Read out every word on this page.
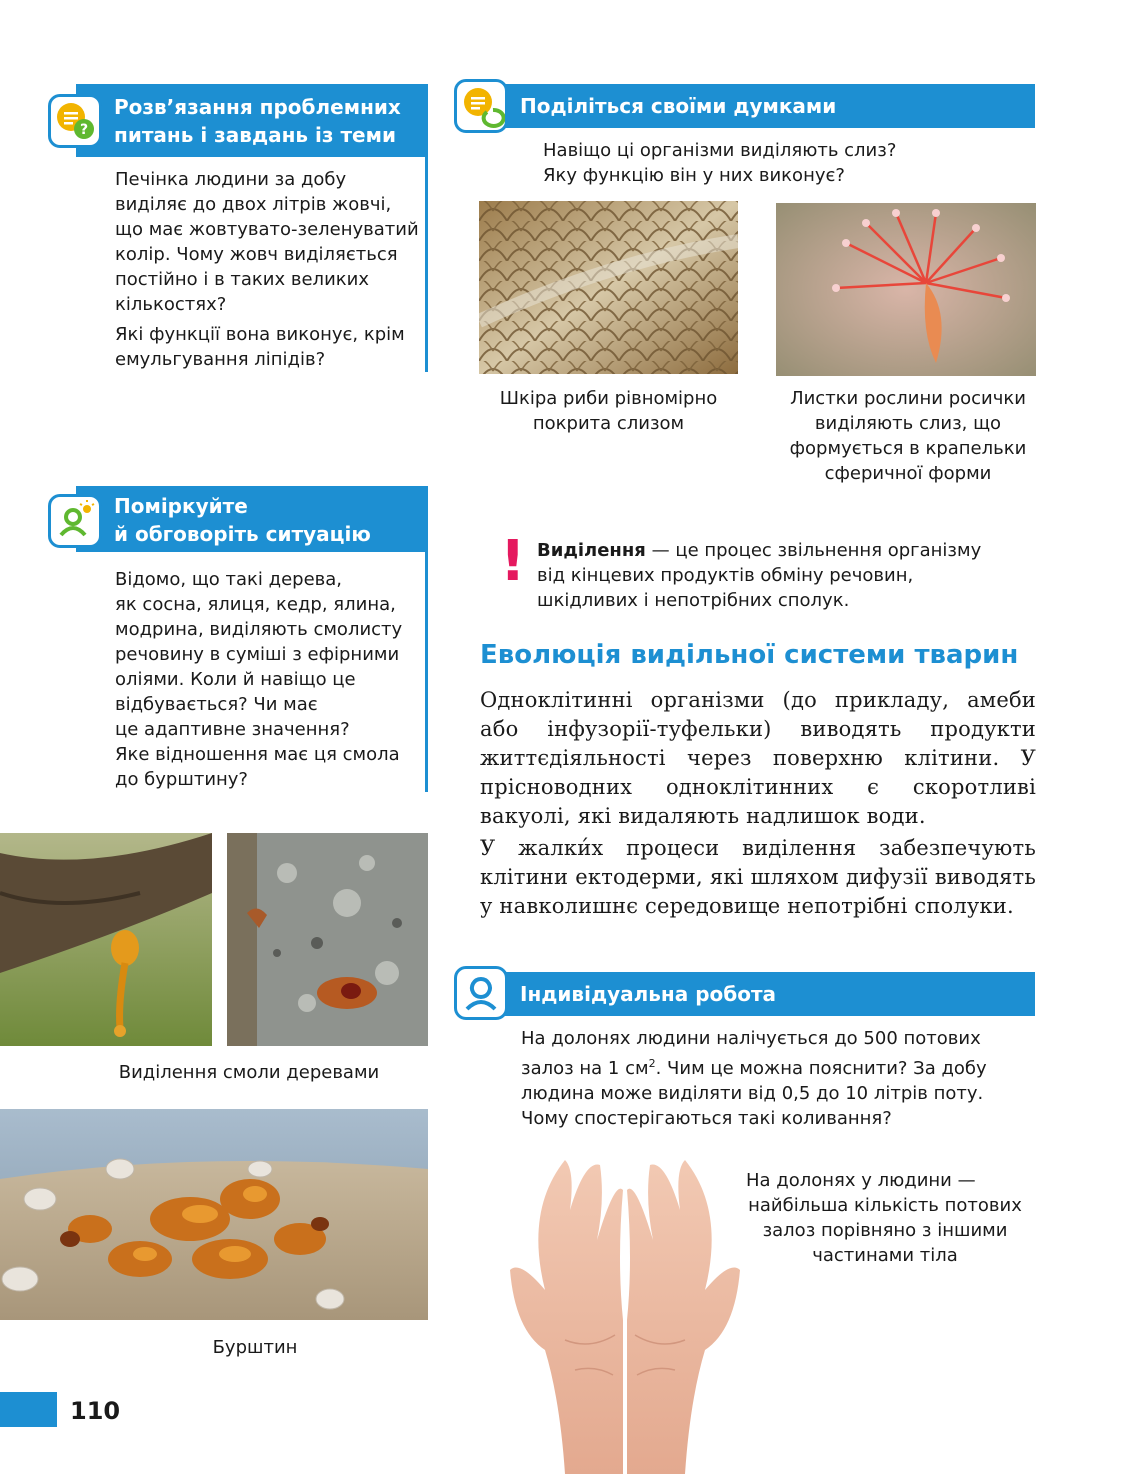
Розв’язання проблемних
питань і завдань із теми
?
Печінка людини за добу
виділяє до двох літрів жовчі,
що має жовтувато-зеленуватий
колір. Чому жовч виділяється
постійно і в таких великих
кількостях?
Які функції вона виконує, крім
емульгування ліпідів?
Поділіться своїми думками
Навіщо ці організми виділяють слиз?
Яку функцію він у них виконує?
Шкіра риби рівномірно
покрита слизом
Листки рослини росички
виділяють слиз, що
формується в крапельки
сферичної форми
Поміркуйте
й обговоріть ситуацію
Відомо, що такі дерева,
як сосна, ялиця, кедр, ялина,
модрина, виділяють смолисту
речовину в суміші з ефірними
оліями. Коли й навіщо це
відбувається? Чи має
це адаптивне значення?
Яке відношення має ця смола
до бурштину?
Виділення смоли деревами
Бурштин
110
! Виділення — це процес звільнення організму
від кінцевих продуктів обміну речовин,
шкідливих і непотрібних сполук.
Еволюція видільної системи тварин
Одноклітинні організми (до прикладу, амеби або інфузорії-туфельки) виводять продукти життєдіяльності через поверхню клітини. У прісноводних одноклітинних є скоротливі вакуолі, які видаляють надлишок води.
У жалки́х процеси виділення забезпечують клітини ектодерми, які шляхом дифузії виводять у навколишнє середовище непотрібні сполуки.
Індивідуальна робота
На долонях людини налічується до 500 потових
залоз на 1 $см^2$. Чим це можна пояснити? За добу
людина може виділяти від 0,5 до 10 літрів поту.
Чому спостерігаються такі коливання?
На долонях у людини —
найбільша кількість потових
залоз порівняно з іншими
частинами тіла
